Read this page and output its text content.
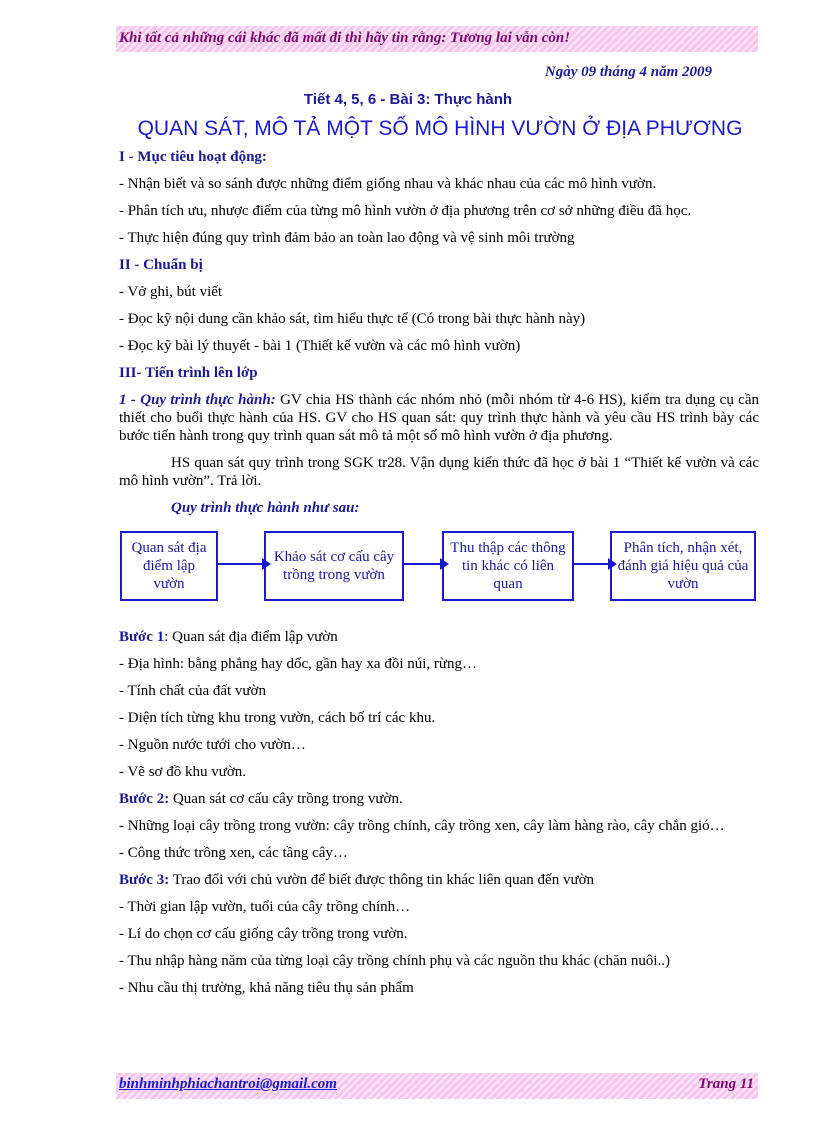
Khi tất cả những cái khác đã mất đi thì hãy tin rằng: Tương lai vẫn còn!
Ngày 09 tháng 4 năm 2009
Tiết 4, 5, 6 - Bài 3: Thực hành
QUAN SÁT, MÔ TẢ MỘT SỐ MÔ HÌNH VƯỜN Ở ĐỊA PHƯƠNG

I - Mục tiêu hoạt động:

- Nhận biết và so sánh được những điểm giống nhau và khác nhau của các mô hình vườn.

- Phân tích ưu, nhược điểm của từng mô hình vườn ở địa phương trên cơ sở những điều đã học.

- Thực hiện đúng quy trình đảm bảo an toàn lao động và vệ sinh môi trường

II - Chuẩn bị

- Vở ghi, bút viết

- Đọc kỹ nội dung cần khảo sát, tìm hiểu thực tế (Có trong bài thực hành này)

- Đọc kỹ bài lý thuyết - bài 1 (Thiết kế vườn và các mô hình vườn)

III- Tiến trình lên lớp

1 - Quy trình thực hành: GV chia HS thành các nhóm nhỏ (mỗi nhóm từ 4-6 HS), kiểm tra dụng cụ cần thiết cho buổi thực hành của HS. GV cho HS quan sát: quy trình thực hành và yêu cầu HS trình bày các bước tiến hành trong quy trình quan sát mô tả một số mô hình vườn ở địa phương.

HS quan sát quy trình trong SGK tr28. Vận dụng kiến thức đã học ở bài 1 “Thiết kế vườn và các mô hình vườn”. Trả lời.

Quy trình thực hành như sau:

Quan sát địa điểm lập vườn
Khảo sát cơ cấu cây trồng trong vườn
Thu thập các thông tin khác có liên quan
Phân tích, nhận xét, đánh giá hiệu quả của vườn

Bước 1: Quan sát địa điểm lập vườn

- Địa hình: bằng phẳng hay dốc, gần hay xa đồi núi, rừng…

- Tính chất của đất vườn

- Diện tích từng khu trong vườn, cách bố trí các khu.

- Nguồn nước tưới cho vườn…

- Vẽ sơ đồ khu vườn.

Bước 2: Quan sát cơ cấu cây trồng trong vườn.

- Những loại cây trồng trong vườn: cây trồng chính, cây trồng xen, cây làm hàng rào, cây chắn gió…

- Công thức trồng xen, các tầng cây…

Bước 3: Trao đổi với chủ vườn để biết được thông tin khác liên quan đến vườn

- Thời gian lập vườn, tuổi của cây trồng chính…

- Lí do chọn cơ cấu giống cây trồng trong vườn.

- Thu nhập hàng năm của từng loại cây trồng chính phụ và các nguồn thu khác (chăn nuôi..)

- Nhu cầu thị trường, khả năng tiêu thụ sản phẩm

binhminhphiachantroi@gmail.com	Trang 11
